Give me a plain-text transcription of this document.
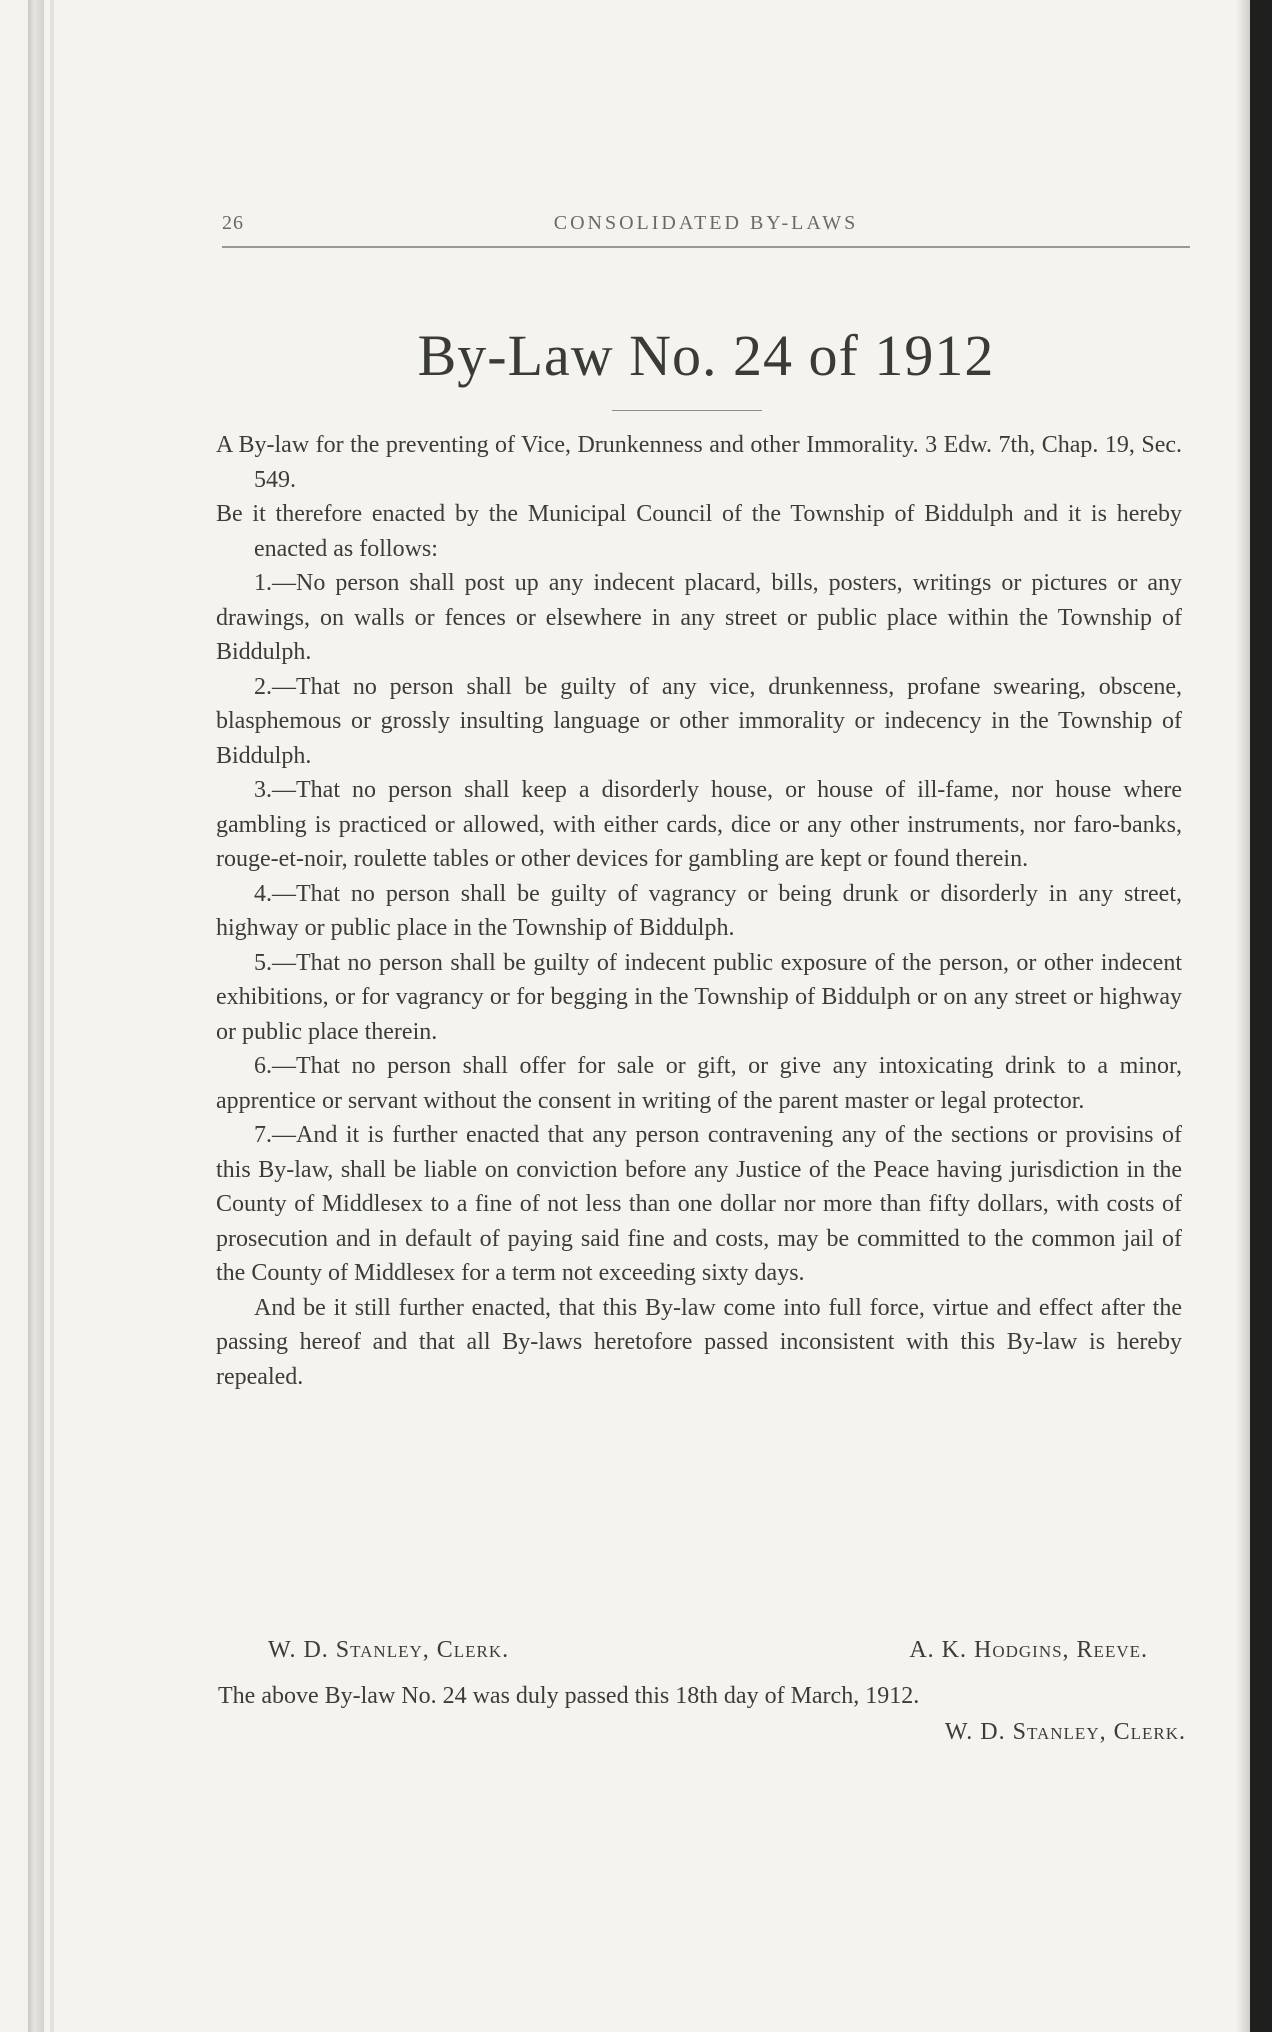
26	CONSOLIDATED BY-LAWS
By-Law No. 24 of 1912

A By-law for the preventing of Vice, Drunkenness and other Immorality. 3 Edw. 7th, Chap. 19, Sec. 549.

Be it therefore enacted by the Municipal Council of the Township of Biddulph and it is hereby enacted as follows:

1.—No person shall post up any indecent placard, bills, posters, writings or pictures or any drawings, on walls or fences or elsewhere in any street or public place within the Township of Biddulph.

2.—That no person shall be guilty of any vice, drunkenness, profane swearing, obscene, blasphemous or grossly insulting language or other immorality or indecency in the Township of Biddulph.

3.—That no person shall keep a disorderly house, or house of ill-fame, nor house where gambling is practiced or allowed, with either cards, dice or any other instruments, nor faro-banks, rouge-et-noir, roulette tables or other devices for gambling are kept or found therein.

4.—That no person shall be guilty of vagrancy or being drunk or disorderly in any street, highway or public place in the Township of Biddulph.

5.—That no person shall be guilty of indecent public exposure of the person, or other indecent exhibitions, or for vagrancy or for begging in the Township of Biddulph or on any street or highway or public place therein.

6.—That no person shall offer for sale or gift, or give any intoxicating drink to a minor, apprentice or servant without the consent in writing of the parent master or legal protector.

7.—And it is further enacted that any person contravening any of the sections or provisins of this By-law, shall be liable on conviction before any Justice of the Peace having jurisdiction in the County of Middlesex to a fine of not less than one dollar nor more than fifty dollars, with costs of prosecution and in default of paying said fine and costs, may be committed to the common jail of the County of Middlesex for a term not exceeding sixty days.

And be it still further enacted, that this By-law come into full force, virtue and effect after the passing hereof and that all By-laws heretofore passed inconsistent with this By-law is hereby repealed.

W. D. Stanley, Clerk.	A. K. Hodgins, Reeve.
The above By-law No. 24 was duly passed this 18th day of March, 1912.
W. D. Stanley, Clerk.
